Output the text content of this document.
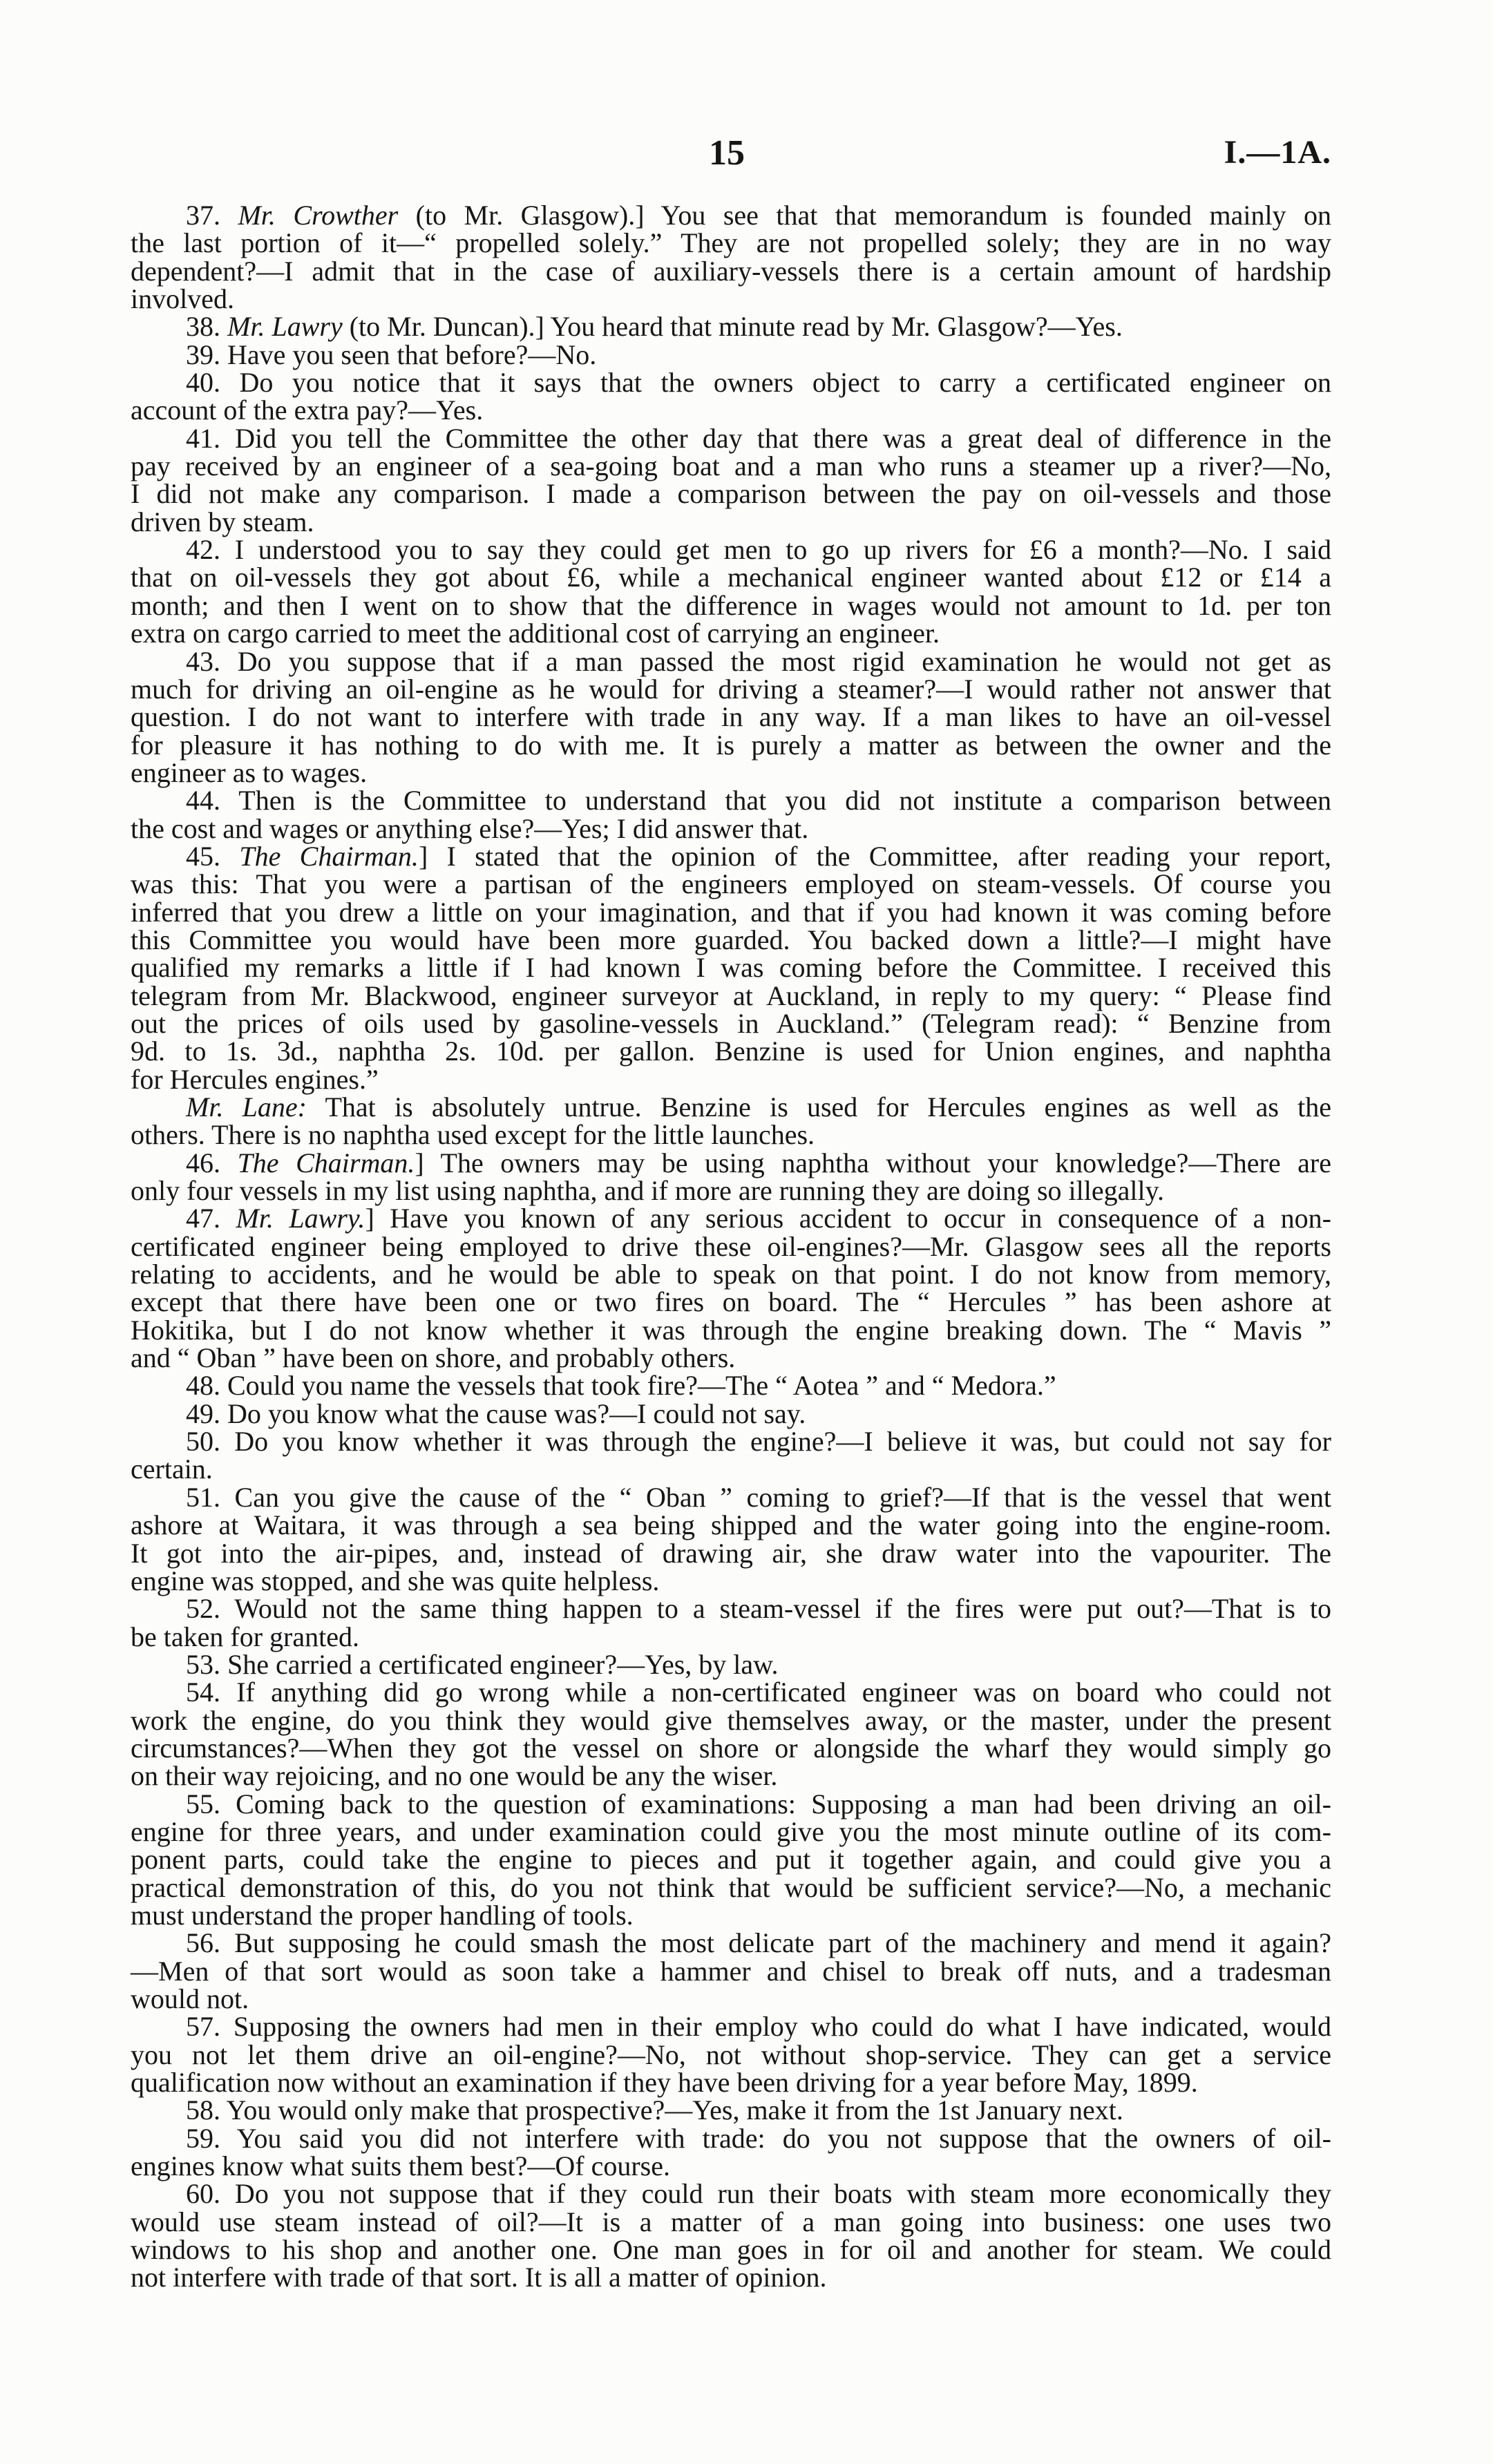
15	I.—1A.
37. Mr. Crowther (to Mr. Glasgow).] You see that that memorandum is founded mainly on
the last portion of it—“ propelled solely.” They are not propelled solely; they are in no way
dependent?—I admit that in the case of auxiliary-vessels there is a certain amount of hardship
involved.
38. Mr. Lawry (to Mr. Duncan).] You heard that minute read by Mr. Glasgow?—Yes.
39. Have you seen that before?—No.
40. Do you notice that it says that the owners object to carry a certificated engineer on
account of the extra pay?—Yes.
41. Did you tell the Committee the other day that there was a great deal of difference in the
pay received by an engineer of a sea-going boat and a man who runs a steamer up a river?—No,
I did not make any comparison. I made a comparison between the pay on oil-vessels and those
driven by steam.
42. I understood you to say they could get men to go up rivers for £6 a month?—No. I said
that on oil-vessels they got about £6, while a mechanical engineer wanted about £12 or £14 a
month; and then I went on to show that the difference in wages would not amount to 1d. per ton
extra on cargo carried to meet the additional cost of carrying an engineer.
43. Do you suppose that if a man passed the most rigid examination he would not get as
much for driving an oil-engine as he would for driving a steamer?—I would rather not answer that
question. I do not want to interfere with trade in any way. If a man likes to have an oil-vessel
for pleasure it has nothing to do with me. It is purely a matter as between the owner and the
engineer as to wages.
44. Then is the Committee to understand that you did not institute a comparison between
the cost and wages or anything else?—Yes; I did answer that.
45. The Chairman.] I stated that the opinion of the Committee, after reading your report,
was this: That you were a partisan of the engineers employed on steam-vessels. Of course you
inferred that you drew a little on your imagination, and that if you had known it was coming before
this Committee you would have been more guarded. You backed down a little?—I might have
qualified my remarks a little if I had known I was coming before the Committee. I received this
telegram from Mr. Blackwood, engineer surveyor at Auckland, in reply to my query: “ Please find
out the prices of oils used by gasoline-vessels in Auckland.” (Telegram read): “ Benzine from
9d. to 1s. 3d., naphtha 2s. 10d. per gallon. Benzine is used for Union engines, and naphtha
for Hercules engines.”
Mr. Lane: That is absolutely untrue. Benzine is used for Hercules engines as well as the
others. There is no naphtha used except for the little launches.
46. The Chairman.] The owners may be using naphtha without your knowledge?—There are
only four vessels in my list using naphtha, and if more are running they are doing so illegally.
47. Mr. Lawry.] Have you known of any serious accident to occur in consequence of a non-
certificated engineer being employed to drive these oil-engines?—Mr. Glasgow sees all the reports
relating to accidents, and he would be able to speak on that point. I do not know from memory,
except that there have been one or two fires on board. The “ Hercules ” has been ashore at
Hokitika, but I do not know whether it was through the engine breaking down. The “ Mavis ”
and “ Oban ” have been on shore, and probably others.
48. Could you name the vessels that took fire?—The “ Aotea ” and “ Medora.”
49. Do you know what the cause was?—I could not say.
50. Do you know whether it was through the engine?—I believe it was, but could not say for
certain.
51. Can you give the cause of the “ Oban ” coming to grief?—If that is the vessel that went
ashore at Waitara, it was through a sea being shipped and the water going into the engine-room.
It got into the air-pipes, and, instead of drawing air, she draw water into the vapouriter. The
engine was stopped, and she was quite helpless.
52. Would not the same thing happen to a steam-vessel if the fires were put out?—That is to
be taken for granted.
53. She carried a certificated engineer?—Yes, by law.
54. If anything did go wrong while a non-certificated engineer was on board who could not
work the engine, do you think they would give themselves away, or the master, under the present
circumstances?—When they got the vessel on shore or alongside the wharf they would simply go
on their way rejoicing, and no one would be any the wiser.
55. Coming back to the question of examinations: Supposing a man had been driving an oil-
engine for three years, and under examination could give you the most minute outline of its com-
ponent parts, could take the engine to pieces and put it together again, and could give you a
practical demonstration of this, do you not think that would be sufficient service?—No, a mechanic
must understand the proper handling of tools.
56. But supposing he could smash the most delicate part of the machinery and mend it again?
—Men of that sort would as soon take a hammer and chisel to break off nuts, and a tradesman
would not.
57. Supposing the owners had men in their employ who could do what I have indicated, would
you not let them drive an oil-engine?—No, not without shop-service. They can get a service
qualification now without an examination if they have been driving for a year before May, 1899.
58. You would only make that prospective?—Yes, make it from the 1st January next.
59. You said you did not interfere with trade: do you not suppose that the owners of oil-
engines know what suits them best?—Of course.
60. Do you not suppose that if they could run their boats with steam more economically they
would use steam instead of oil?—It is a matter of a man going into business: one uses two
windows to his shop and another one. One man goes in for oil and another for steam. We could
not interfere with trade of that sort. It is all a matter of opinion.
